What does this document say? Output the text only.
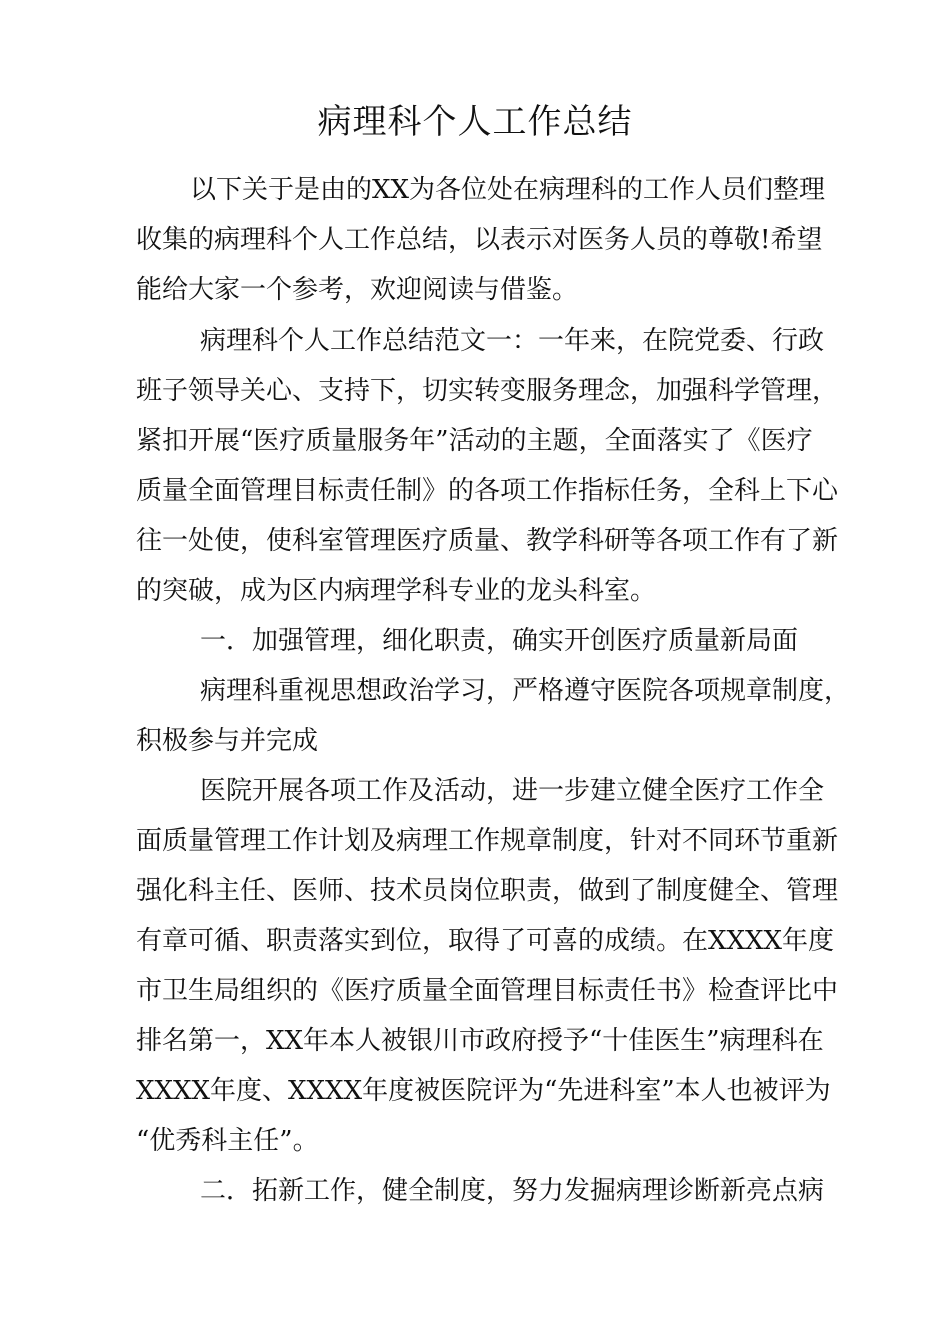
病理科个人工作总结

以下关于是由的XX为各位处在病理科的工作人员们整理

收集的病理科个人工作总结，以表示对医务人员的尊敬!希望

能给大家一个参考，欢迎阅读与借鉴。

病理科个人工作总结范文一：一年来，在院党委、行政

班子领导关心、支持下，切实转变服务理念，加强科学管理，

紧扣开展“医疗质量服务年”活动的主题，全面落实了《医疗

质量全面管理目标责任制》的各项工作指标任务，全科上下心

往一处使，使科室管理医疗质量、教学科研等各项工作有了新

的突破，成为区内病理学科专业的龙头科室。

一．加强管理，细化职责，确实开创医疗质量新局面

病理科重视思想政治学习，严格遵守医院各项规章制度，

积极参与并完成

医院开展各项工作及活动，进一步建立健全医疗工作全

面质量管理工作计划及病理工作规章制度，针对不同环节重新

强化科主任、医师、技术员岗位职责，做到了制度健全、管理

有章可循、职责落实到位，取得了可喜的成绩。在XXXX年度

市卫生局组织的《医疗质量全面管理目标责任书》检查评比中

排名第一，XX年本人被银川市政府授予“十佳医生”病理科在

XXXX年度、XXXX年度被医院评为“先进科室”本人也被评为

“优秀科主任”。

二．拓新工作，健全制度，努力发掘病理诊断新亮点病
